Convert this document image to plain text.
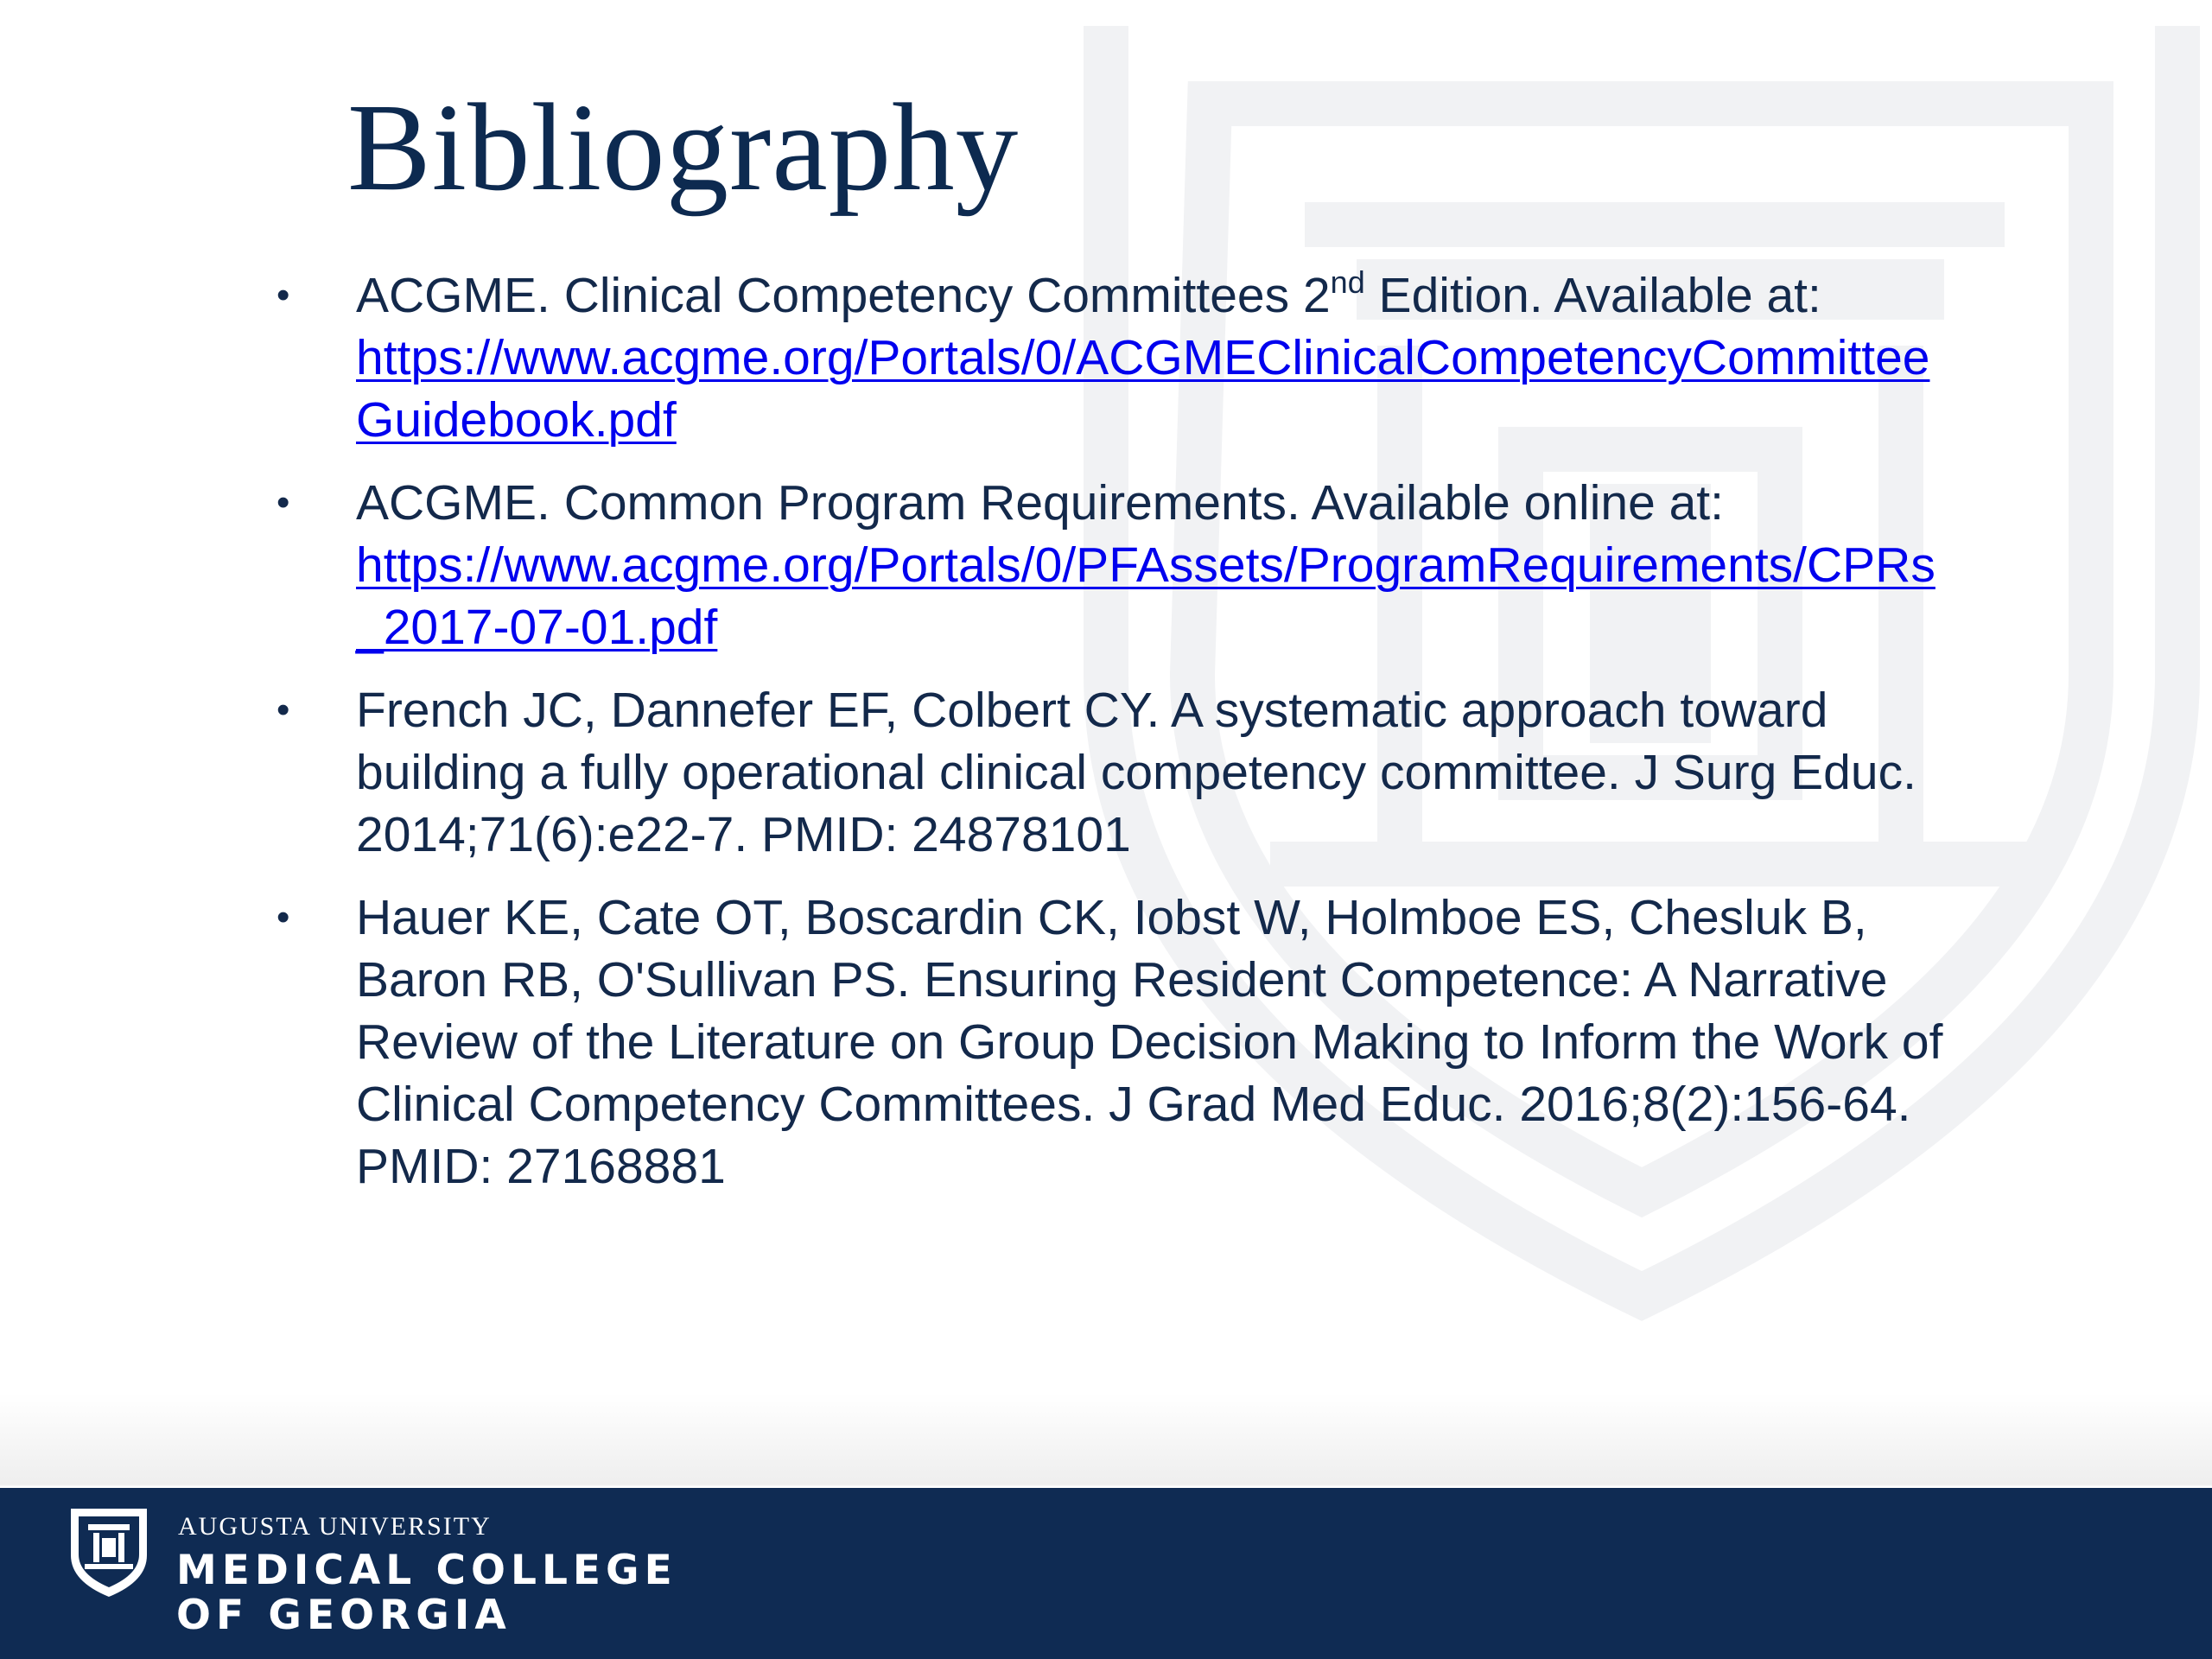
Bibliography
•	ACGME. Clinical Competency Committees 2nd Edition. Available at:
https://www.acgme.org/Portals/0/ACGMEClinicalCompetencyCommitteeGuidebook.pdf
•	ACGME. Common Program Requirements. Available online at:
https://www.acgme.org/Portals/0/PFAssets/ProgramRequirements/CPRs_2017-07-01.pdf
•	French JC, Dannefer EF, Colbert CY. A systematic approach toward building a fully operational clinical competency committee. J Surg Educ. 2014;71(6):e22-7. PMID: 24878101
•	Hauer KE, Cate OT, Boscardin CK, Iobst W, Holmboe ES, Chesluk B, Baron RB, O'Sullivan PS. Ensuring Resident Competence: A Narrative Review of the Literature on Group Decision Making to Inform the Work of Clinical Competency Committees. J Grad Med Educ. 2016;8(2):156-64. PMID: 27168881
AUGUSTA UNIVERSITY
MEDICAL COLLEGE
OF GEORGIA
